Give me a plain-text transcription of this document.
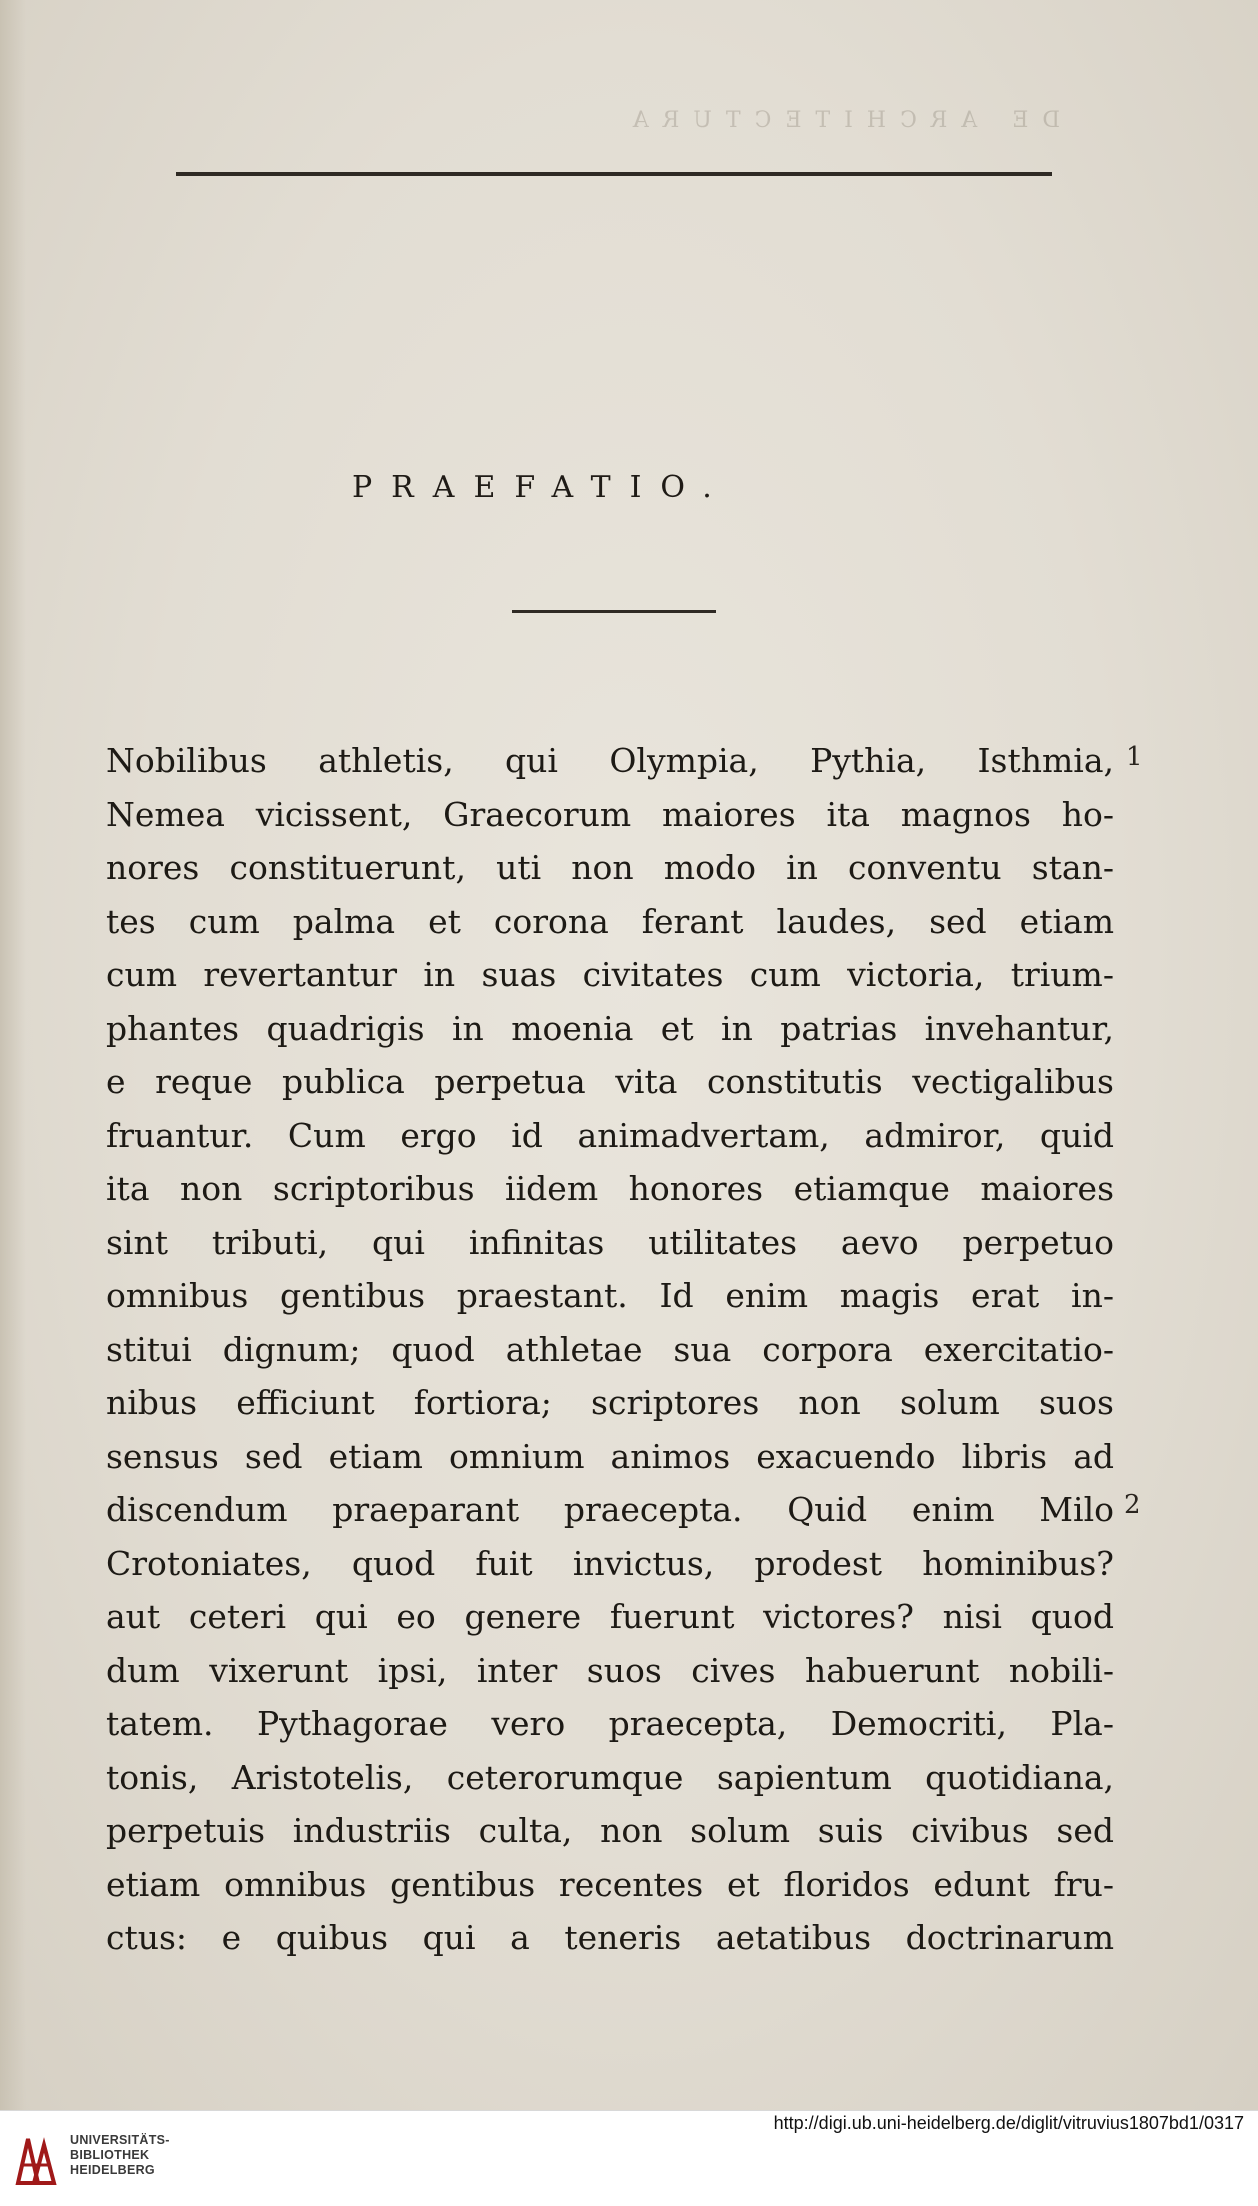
DE ARCHITECTURA
PRAEFATIO.
Nobilibus athletis, qui Olympia, Pythia, Isthmia,
Nemea vicissent, Graecorum maiores ita magnos ho-
nores constituerunt, uti non modo in conventu stan-
tes cum palma et corona ferant laudes, sed etiam
cum revertantur in suas civitates cum victoria, trium-
phantes quadrigis in moenia et in patrias invehantur,
e reque publica perpetua vita constitutis vectigalibus
fruantur. Cum ergo id animadvertam, admiror, quid
ita non scriptoribus iidem honores etiamque maiores
sint tributi, qui infinitas utilitates aevo perpetuo
omnibus gentibus praestant. Id enim magis erat in-
stitui dignum; quod athletae sua corpora exercitatio-
nibus efficiunt fortiora; scriptores non solum suos
sensus sed etiam omnium animos exacuendo libris ad
discendum praeparant praecepta. Quid enim Milo
Crotoniates, quod fuit invictus, prodest hominibus?
aut ceteri qui eo genere fuerunt victores? nisi quod
dum vixerunt ipsi, inter suos cives habuerunt nobili-
tatem. Pythagorae vero praecepta, Democriti, Pla-
tonis, Aristotelis, ceterorumque sapientum quotidiana,
perpetuis industriis culta, non solum suis civibus sed
etiam omnibus gentibus recentes et floridos edunt fru-
ctus: e quibus qui a teneris aetatibus doctrinarum
1
2
UNIVERSITÄTS-
BIBLIOTHEK
HEIDELBERG
http://digi.ub.uni-heidelberg.de/diglit/vitruvius1807bd1/0317
